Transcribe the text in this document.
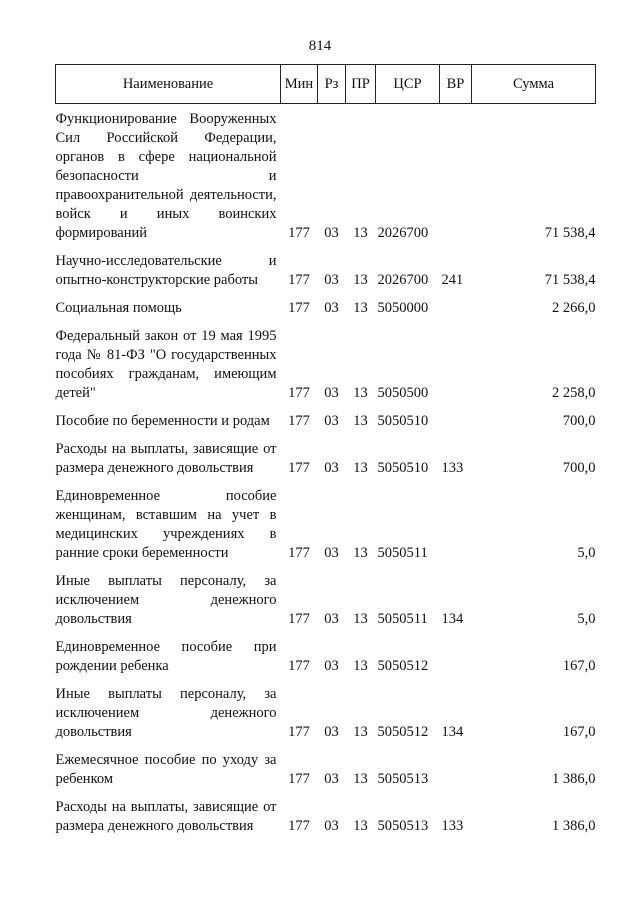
814
Наименование	Мин	Рз	ПР	ЦСР	ВР	Сумма
Функционирование Вооруженных Сил Российской Федерации, органов в сфере национальной безопасности и правоохранительной деятельности, войск и иных воинских формирований	177	03	13	2026700		71 538,4
Научно-исследовательские и опытно-конструкторские работы	177	03	13	2026700	241	71 538,4
Социальная помощь	177	03	13	5050000		2 266,0
Федеральный закон от 19 мая 1995 года № 81-ФЗ "О государственных пособиях гражданам, имеющим детей"	177	03	13	5050500		2 258,0
Пособие по беременности и родам	177	03	13	5050510		700,0
Расходы на выплаты, зависящие от размера денежного довольствия	177	03	13	5050510	133	700,0
Единовременное пособие женщинам, вставшим на учет в медицинских учреждениях в ранние сроки беременности	177	03	13	5050511		5,0
Иные выплаты персоналу, за исключением денежного довольствия	177	03	13	5050511	134	5,0
Единовременное пособие при рождении ребенка	177	03	13	5050512		167,0
Иные выплаты персоналу, за исключением денежного довольствия	177	03	13	5050512	134	167,0
Ежемесячное пособие по уходу за ребенком	177	03	13	5050513		1 386,0
Расходы на выплаты, зависящие от размера денежного довольствия	177	03	13	5050513	133	1 386,0
